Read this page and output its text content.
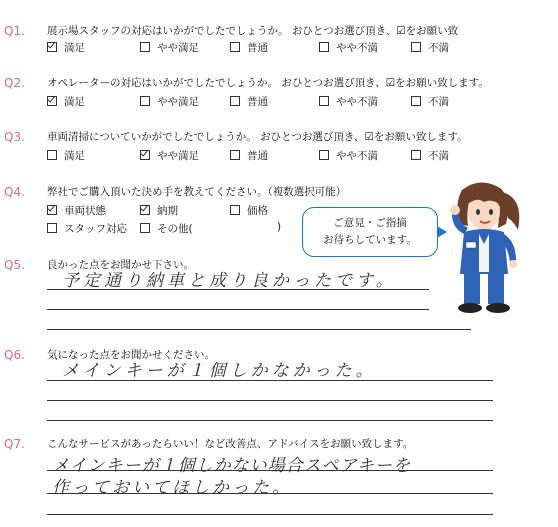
Q1. 展示場スタッフの対応はいかがでしたでしょうか。 おひとつお選び頂き、☑をお願い致
満足	やや満足	普通	やや不満	不満
Q2. オペレーターの対応はいかがでしたでしょうか。 おひとつお選び頂き、☑をお願い致します。
満足	やや満足	普通	やや不満	不満
Q3. 車両清掃についていかがでしたでしょうか。 おひとつお選び頂き、☑をお願い致します。
満足	やや満足	普通	やや不満	不満
Q4. 弊社でご購入頂いた決め手を教えてください。（複数選択可能）
車両状態	納期	価格
スタッフ対応	その他(	)	ご意見・ご指摘
お待ちしています。
Q5. 良かった点をお聞かせ下さい。
予定通り納車と成り良かったです。
Q6. 気になった点をお聞かせください。
メインキーが１個しかなかった。
Q7. こんなサービスがあったらいい！など改善点、アドバイスをお願い致します。
メインキーが１個しかない場合スペアキーを
作っておいてほしかった。
